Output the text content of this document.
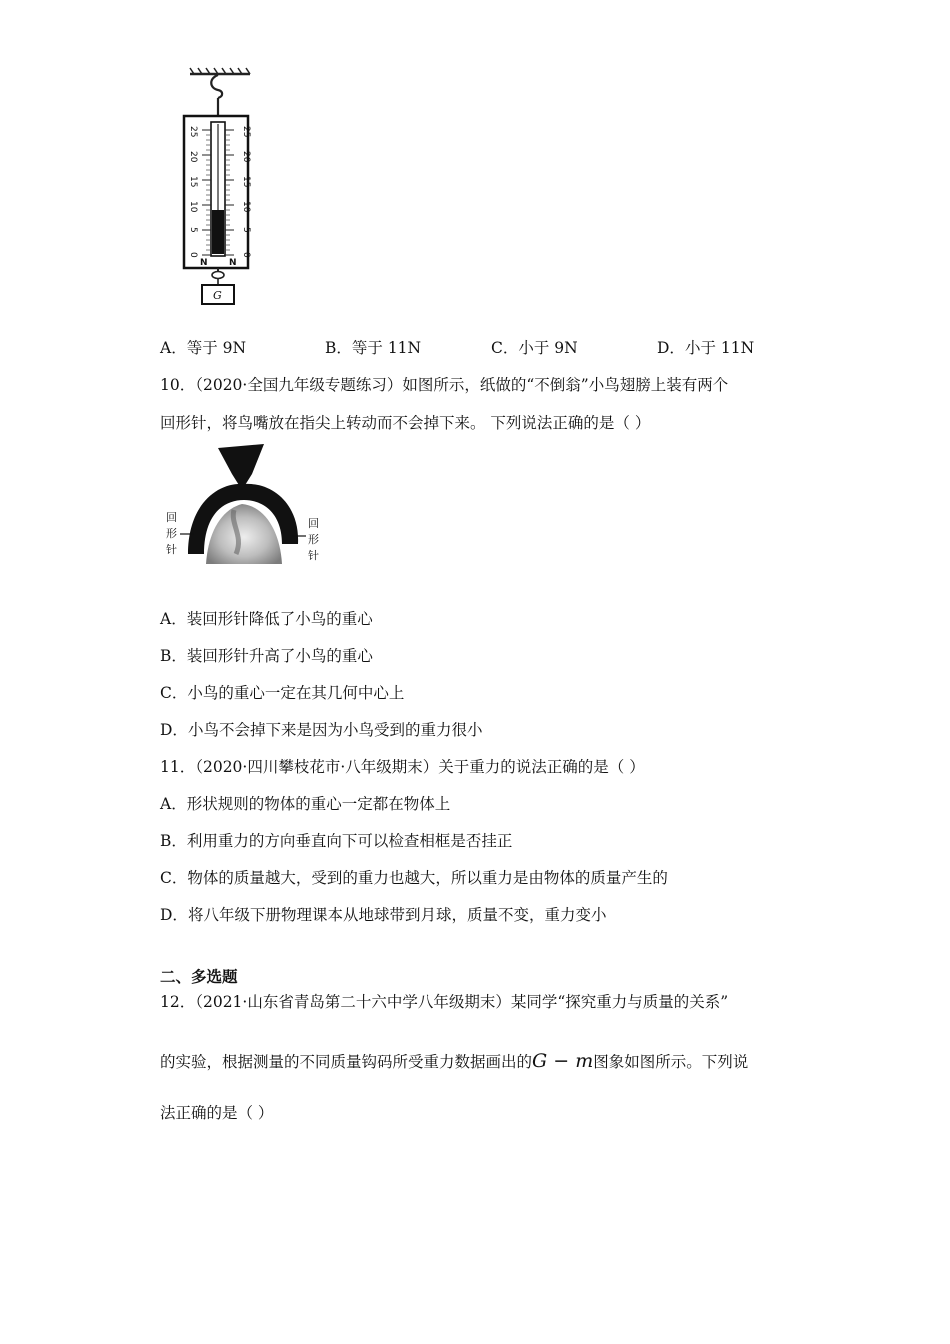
25
20
15
10
5
0
25
20
15
10
5
0
N N
G
A．等于 9N	B．等于 11N	C．小于 9N	D．小于 11N
10．（2020·全国九年级专题练习）如图所示，纸做的“不倒翁”小鸟翅膀上装有两个
回形针，将鸟嘴放在指尖上转动而不会掉下来。 下列说法正确的是（ ）
回
形
针
回
形
针
A．装回形针降低了小鸟的重心
B．装回形针升高了小鸟的重心
C．小鸟的重心一定在其几何中心上
D．小鸟不会掉下来是因为小鸟受到的重力很小
11．（2020·四川攀枝花市·八年级期末）关于重力的说法正确的是（ ）
A．形状规则的物体的重心一定都在物体上
B．利用重力的方向垂直向下可以检查相框是否挂正
C．物体的质量越大，受到的重力也越大，所以重力是由物体的质量产生的
D．将八年级下册物理课本从地球带到月球，质量不变，重力变小
二、多选题
12．（2021·山东省青岛第二十六中学八年级期末）某同学“探究重力与质量的关系”
的实验，根据测量的不同质量钩码所受重力数据画出的G − m图象如图所示。下列说
法正确的是（ ）
